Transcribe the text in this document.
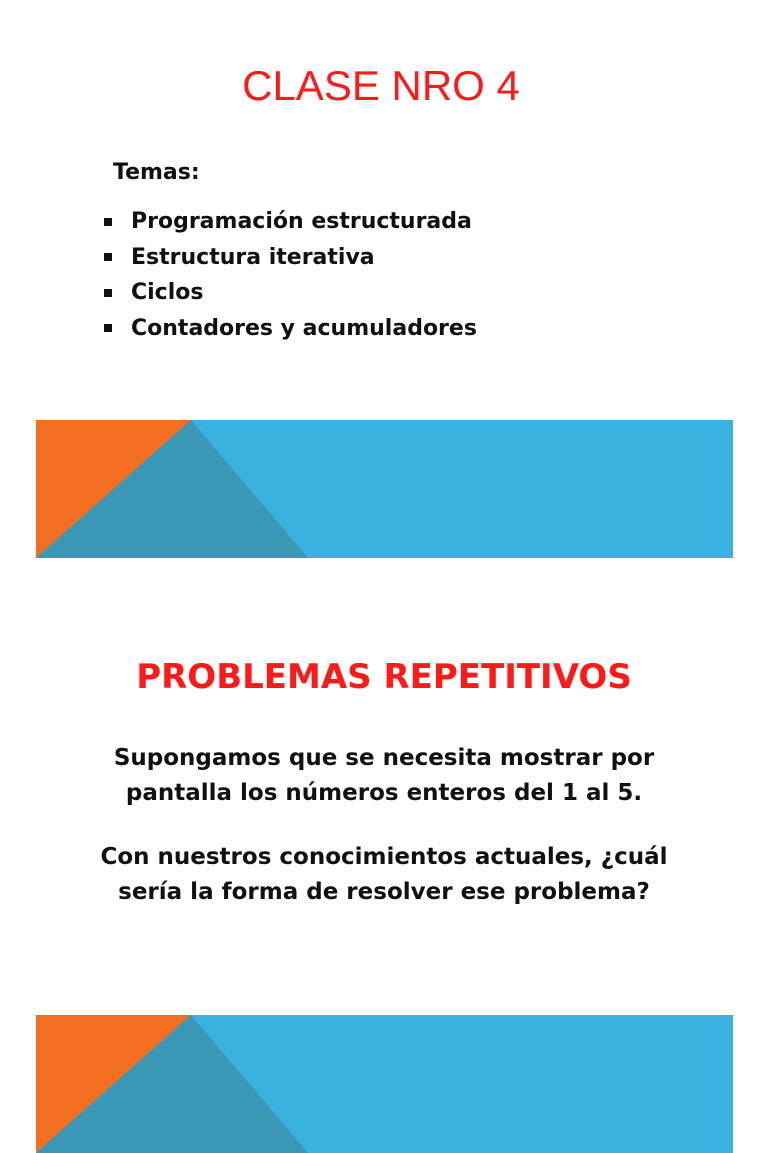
CLASE NRO 4

Temas:

Programación estructurada
Estructura iterativa
Ciclos
Contadores y acumuladores
PROBLEMAS REPETITIVOS

Supongamos que se necesita mostrar por
pantalla los números enteros del 1 al 5.

Con nuestros conocimientos actuales, ¿cuál
sería la forma de resolver ese problema?
